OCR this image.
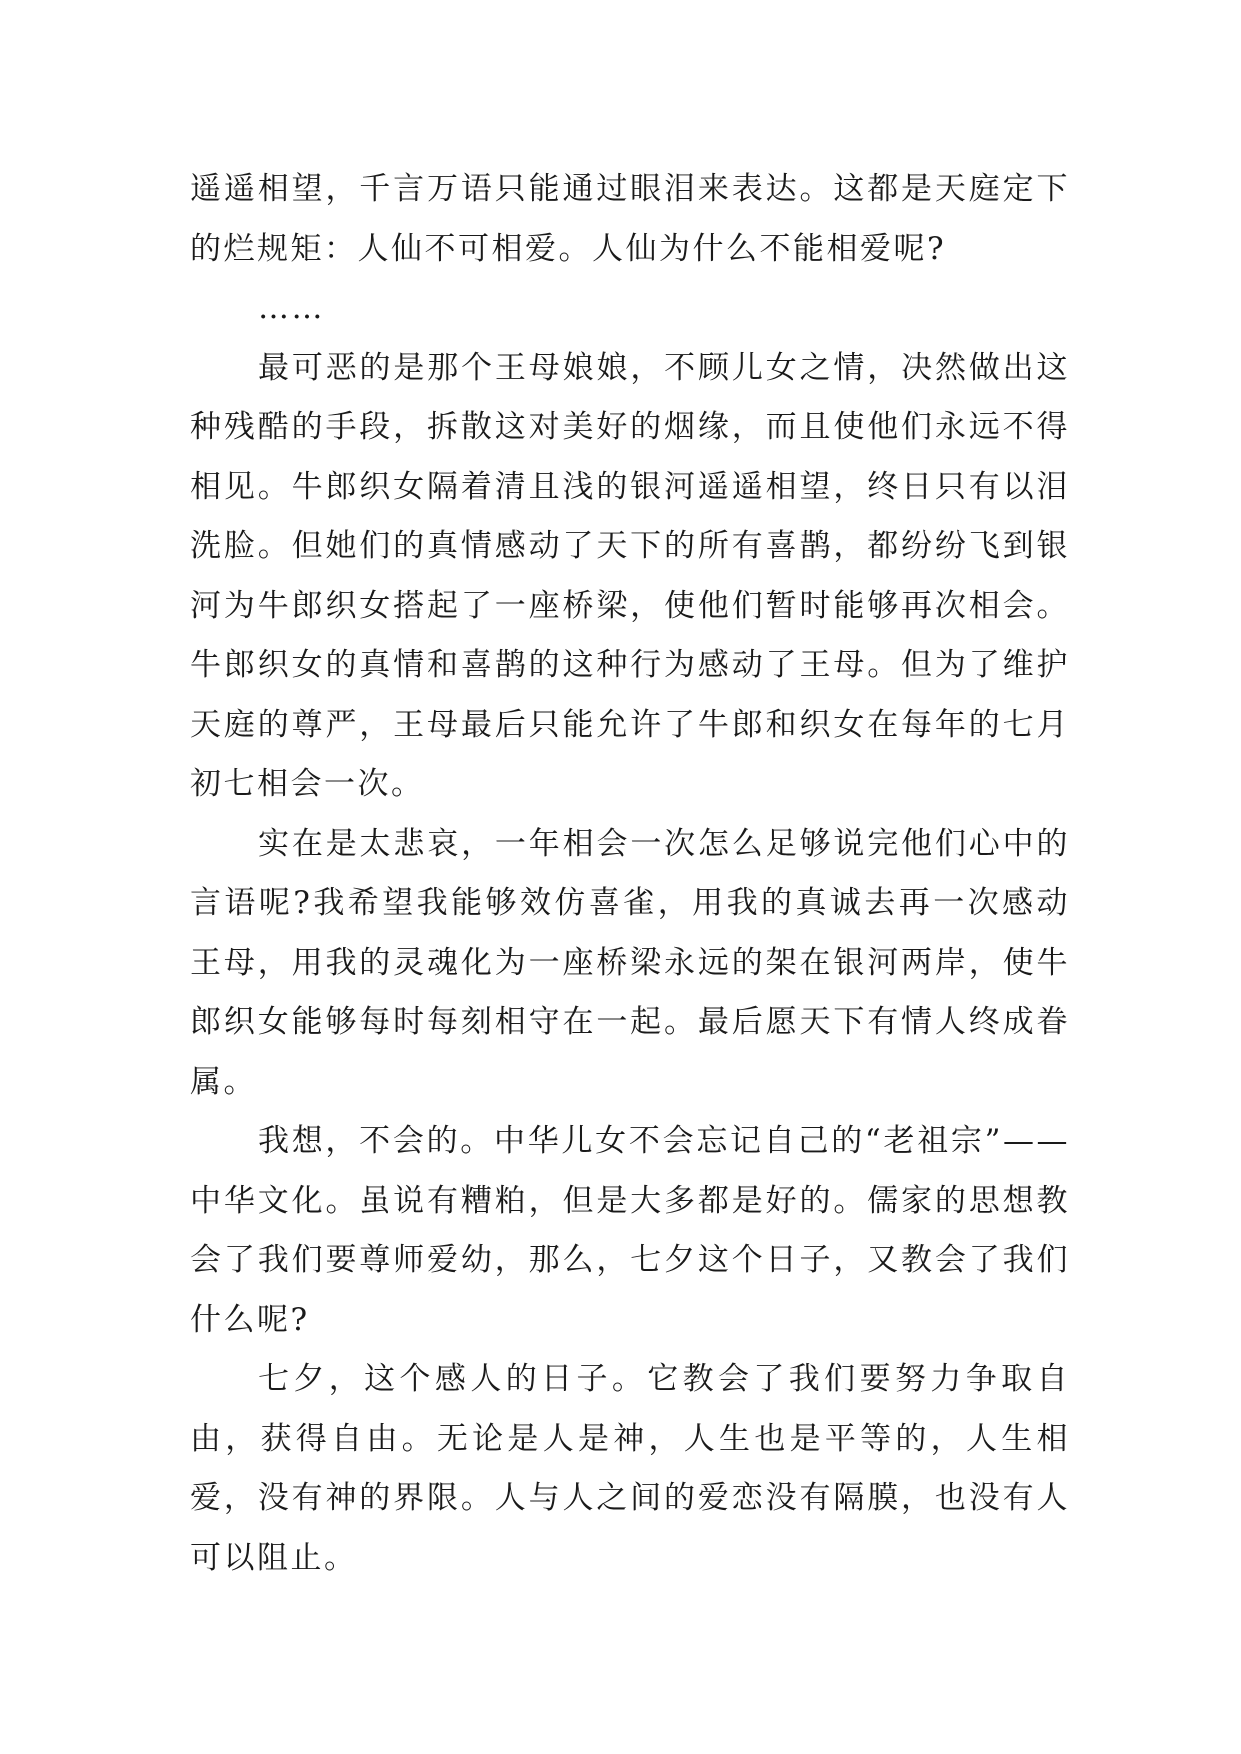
遥遥相望，千言万语只能通过眼泪来表达。这都是天庭定下的烂规矩：人仙不可相爱。人仙为什么不能相爱呢?

……

最可恶的是那个王母娘娘，不顾儿女之情，决然做出这种残酷的手段，拆散这对美好的烟缘，而且使他们永远不得相见。牛郎织女隔着清且浅的银河遥遥相望，终日只有以泪洗脸。但她们的真情感动了天下的所有喜鹊，都纷纷飞到银河为牛郎织女搭起了一座桥梁，使他们暂时能够再次相会。牛郎织女的真情和喜鹊的这种行为感动了王母。但为了维护天庭的尊严，王母最后只能允许了牛郎和织女在每年的七月初七相会一次。

实在是太悲哀，一年相会一次怎么足够说完他们心中的言语呢?我希望我能够效仿喜雀，用我的真诚去再一次感动王母，用我的灵魂化为一座桥梁永远的架在银河两岸，使牛郎织女能够每时每刻相守在一起。最后愿天下有情人终成眷属。

我想，不会的。中华儿女不会忘记自己的“老祖宗”——中华文化。虽说有糟粕，但是大多都是好的。儒家的思想教会了我们要尊师爱幼，那么，七夕这个日子，又教会了我们什么呢?

七夕，这个感人的日子。它教会了我们要努力争取自由，获得自由。无论是人是神，人生也是平等的，人生相爱，没有神的界限。人与人之间的爱恋没有隔膜，也没有人可以阻止。
